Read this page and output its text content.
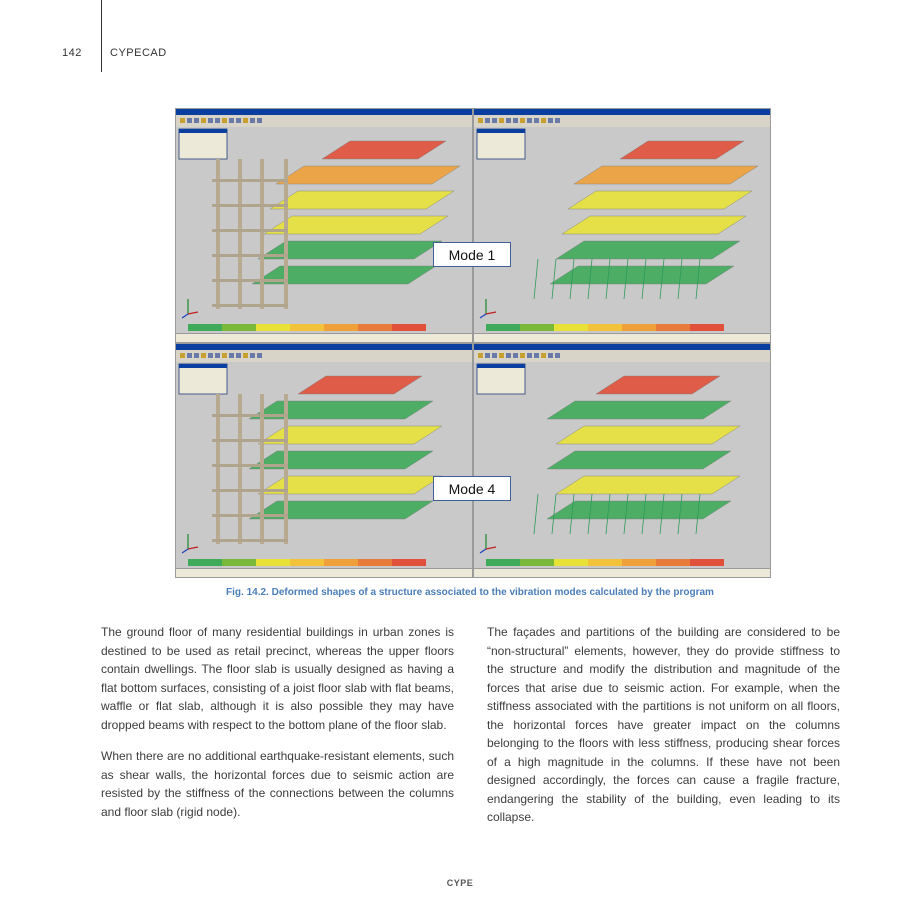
142	CYPECAD
Mode 1
Mode 4
Fig. 14.2. Deformed shapes of a structure associated to the vibration modes calculated by the program

The ground floor of many residential buildings in urban zones is destined to be used as retail precinct, whereas the upper floors contain dwellings. The floor slab is usually designed as having a flat bottom surfaces, consisting of a joist floor slab with flat beams, waffle or flat slab, although it is also possible they may have dropped beams with respect to the bottom plane of the floor slab.

When there are no additional earthquake-resistant elements, such as shear walls, the horizontal forces due to seismic action are resisted by the stiffness of the connections between the columns and floor slab (rigid node).

The façades and partitions of the building are considered to be “non-structural” elements, however, they do provide stiffness to the structure and modify the distribution and magnitude of the forces that arise due to seismic action. For example, when the stiffness associated with the partitions is not uniform on all floors, the horizontal forces have greater impact on the columns belonging to the floors with less stiffness, producing shear forces of a high magnitude in the columns. If these have not been designed accordingly, the forces can cause a fragile fracture, endangering the stability of the building, even leading to its collapse.

CYPE
